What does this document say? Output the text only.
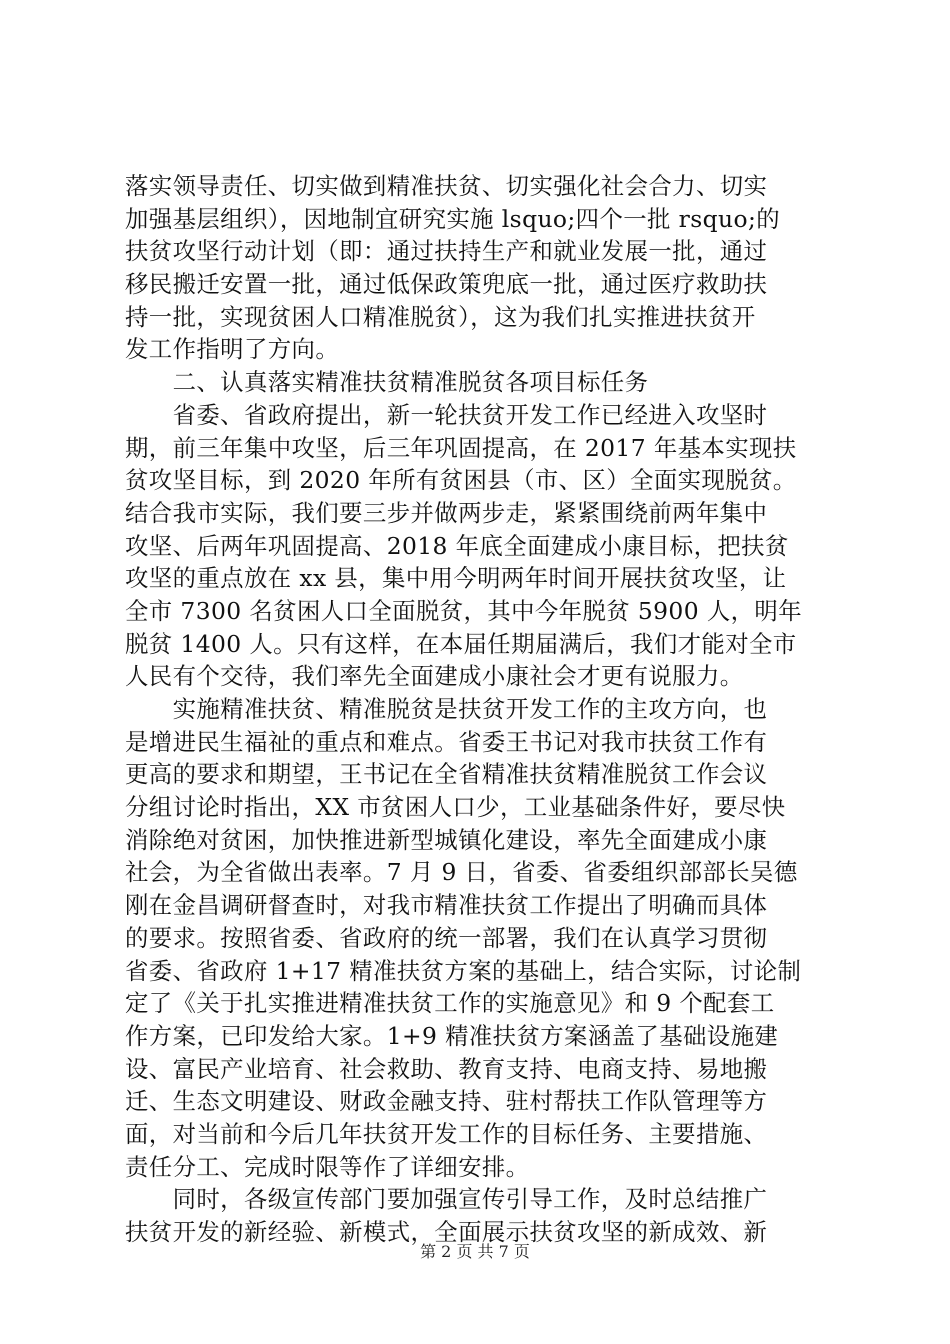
落实领导责任、切实做到精准扶贫、切实强化社会合力、切实
加强基层组织），因地制宜研究实施 lsquo;四个一批 rsquo;的
扶贫攻坚行动计划（即：通过扶持生产和就业发展一批，通过
移民搬迁安置一批，通过低保政策兜底一批，通过医疗救助扶
持一批，实现贫困人口精准脱贫），这为我们扎实推进扶贫开
发工作指明了方向。
　　二、认真落实精准扶贫精准脱贫各项目标任务
　　省委、省政府提出，新一轮扶贫开发工作已经进入攻坚时
期，前三年集中攻坚，后三年巩固提高，在 2017 年基本实现扶
贫攻坚目标，到 2020 年所有贫困县（市、区）全面实现脱贫。
结合我市实际，我们要三步并做两步走，紧紧围绕前两年集中
攻坚、后两年巩固提高、2018 年底全面建成小康目标，把扶贫
攻坚的重点放在 xx 县，集中用今明两年时间开展扶贫攻坚，让
全市 7300 名贫困人口全面脱贫，其中今年脱贫 5900 人，明年
脱贫 1400 人。只有这样，在本届任期届满后，我们才能对全市
人民有个交待，我们率先全面建成小康社会才更有说服力。
　　实施精准扶贫、精准脱贫是扶贫开发工作的主攻方向，也
是增进民生福祉的重点和难点。省委王书记对我市扶贫工作有
更高的要求和期望，王书记在全省精准扶贫精准脱贫工作会议
分组讨论时指出，XX 市贫困人口少，工业基础条件好，要尽快
消除绝对贫困，加快推进新型城镇化建设，率先全面建成小康
社会，为全省做出表率。7 月 9 日，省委、省委组织部部长吴德
刚在金昌调研督查时，对我市精准扶贫工作提出了明确而具体
的要求。按照省委、省政府的统一部署，我们在认真学习贯彻
省委、省政府 1+17 精准扶贫方案的基础上，结合实际，讨论制
定了《关于扎实推进精准扶贫工作的实施意见》和 9 个配套工
作方案，已印发给大家。1+9 精准扶贫方案涵盖了基础设施建
设、富民产业培育、社会救助、教育支持、电商支持、易地搬
迁、生态文明建设、财政金融支持、驻村帮扶工作队管理等方
面，对当前和今后几年扶贫开发工作的目标任务、主要措施、
责任分工、完成时限等作了详细安排。
　　同时，各级宣传部门要加强宣传引导工作，及时总结推广
扶贫开发的新经验、新模式，全面展示扶贫攻坚的新成效、新
第 2 页 共 7 页
